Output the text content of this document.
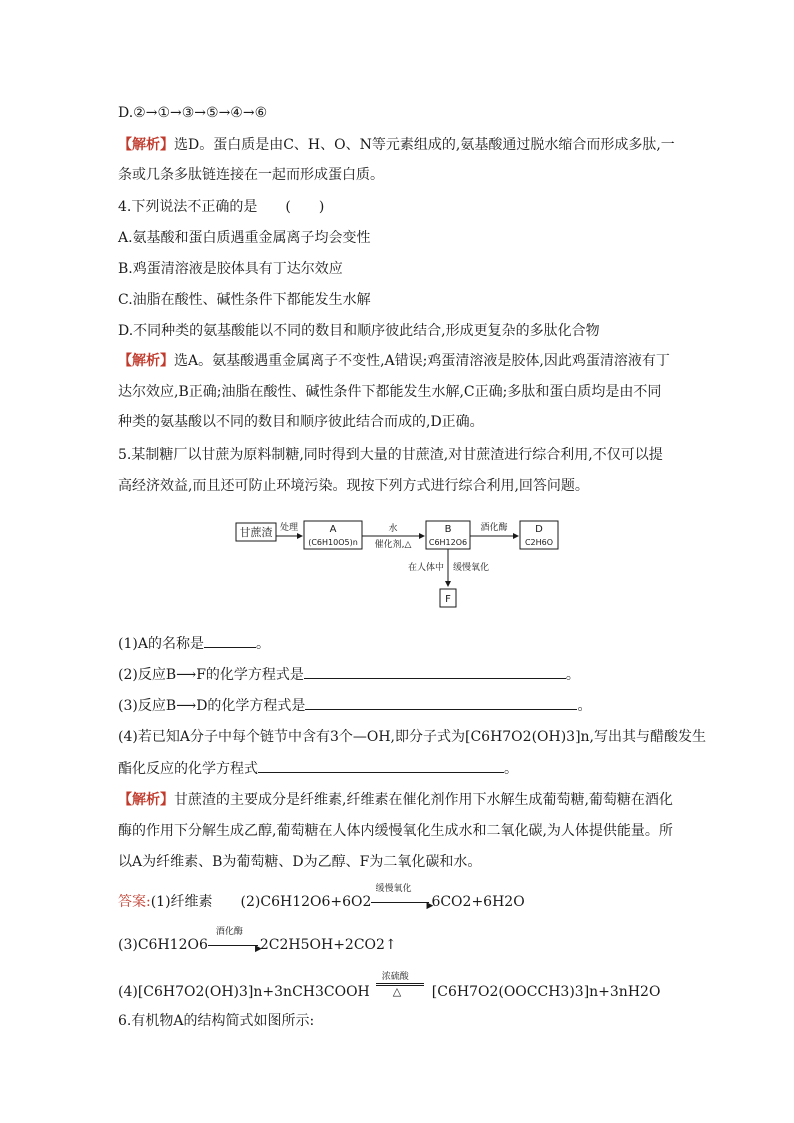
D.②→①→③→⑤→④→⑥
【解析】选D。蛋白质是由C、H、O、N等元素组成的,氨基酸通过脱水缩合而形成多肽,一
条或几条多肽链连接在一起而形成蛋白质。
4.下列说法不正确的是　　(　　)
A.氨基酸和蛋白质遇重金属离子均会变性
B.鸡蛋清溶液是胶体具有丁达尔效应
C.油脂在酸性、碱性条件下都能发生水解
D.不同种类的氨基酸能以不同的数目和顺序彼此结合,形成更复杂的多肽化合物
【解析】选A。氨基酸遇重金属离子不变性,A错误;鸡蛋清溶液是胶体,因此鸡蛋清溶液有丁
达尔效应,B正确;油脂在酸性、碱性条件下都能发生水解,C正确;多肽和蛋白质均是由不同
种类的氨基酸以不同的数目和顺序彼此结合而成的,D正确。
5.某制糖厂以甘蔗为原料制糖,同时得到大量的甘蔗渣,对甘蔗渣进行综合利用,不仅可以提
高经济效益,而且还可防止环境污染。现按下列方式进行综合利用,回答问题。
甘蔗渣 处理	A
(C6H10O5)n
水
催化剂,△
B
C6H12O6
酒化酶	D
C2H6O
在人体中 缓慢氧化
F
(1)A的名称是	。
(2)反应B⟶F的化学方程式是	。
(3)反应B⟶D的化学方程式是	。
(4)若已知A分子中每个链节中含有3个—OH,即分子式为[C6H7O2(OH)3]n,写出其与醋酸发生
酯化反应的化学方程式	。
【解析】甘蔗渣的主要成分是纤维素,纤维素在催化剂作用下水解生成葡萄糖,葡萄糖在酒化
酶的作用下分解生成乙醇,葡萄糖在人体内缓慢氧化生成水和二氧化碳,为人体提供能量。所
以A为纤维素、B为葡萄糖、D为乙醇、F为二氧化碳和水。
答案:(1)纤维素　　(2)C6H12O6+6O2
缓慢氧化
▶
6CO2+6H2O
(3)C6H12O6
酒化酶
▶
2C2H5OH+2CO2↑
(4)[C6H7O2(OH)3]n+3nCH3COOH
浓硫酸
△ [C6H7O2(OOCCH3)3]n+3nH2O
6.有机物A的结构简式如图所示:
